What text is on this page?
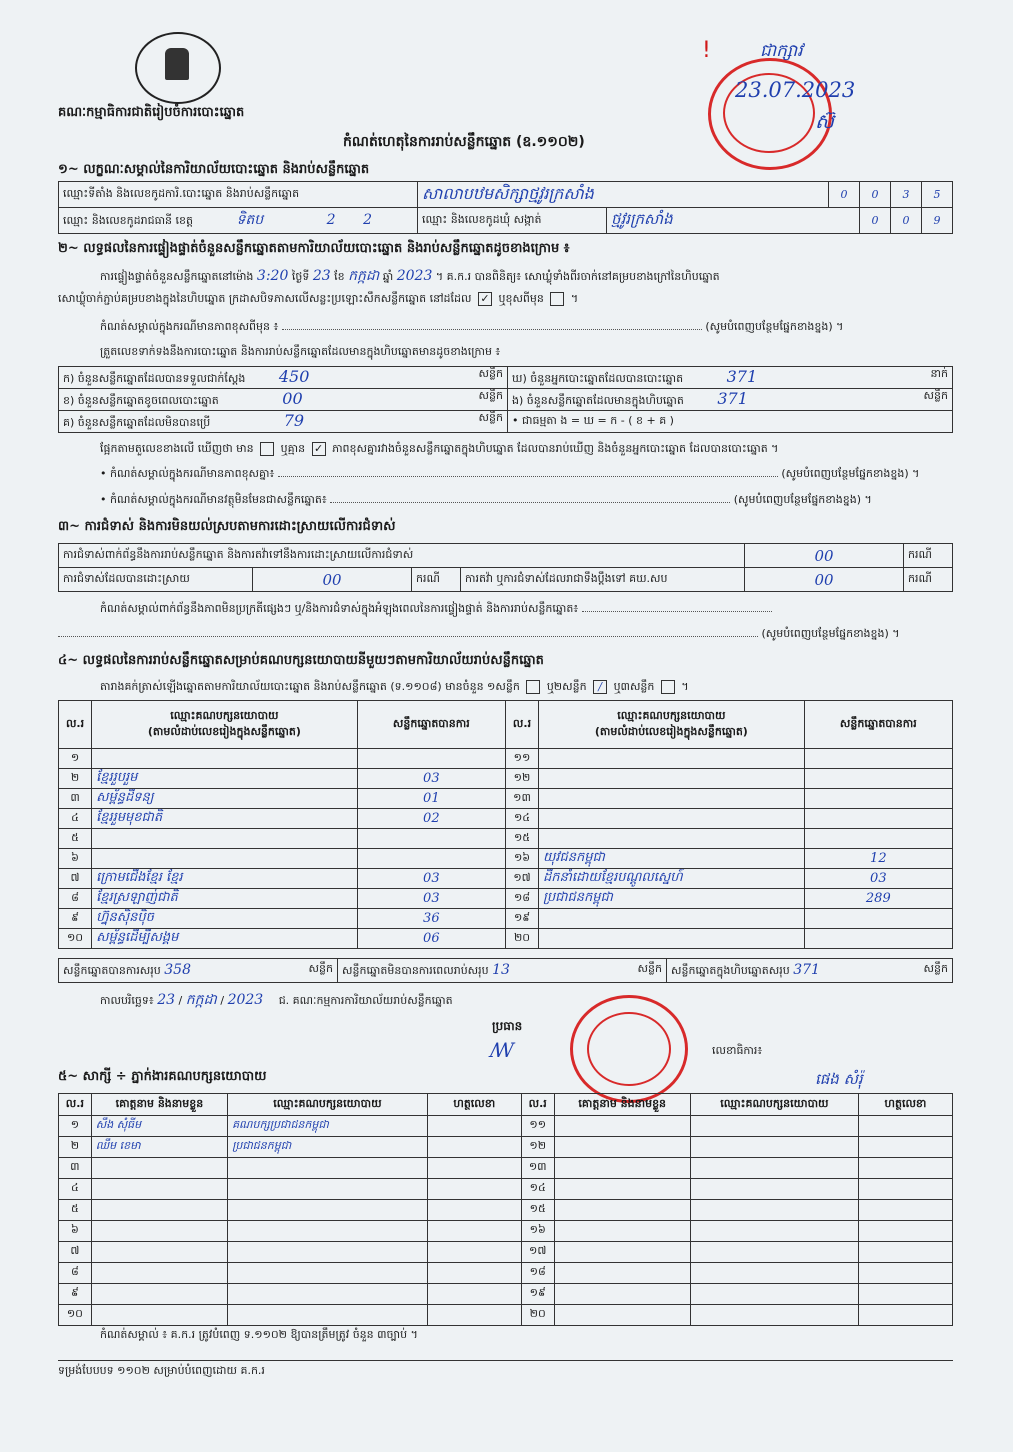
គណៈកម្មាធិការជាតិរៀបចំការបោះឆ្នោត
!	ជាក្សាវ
23.07.2023
ស៊
កំណត់ហេតុនៃការរាប់សន្លឹកឆ្នោត (ឧ.១១០២)
១~ លក្ខណៈសម្គាល់នៃការិយាល័យបោះឆ្នោត និងរាប់សន្លឹកឆ្នោត
ឈ្មោះទីតាំង និងលេខកូដការិ.បោះឆ្នោត និងរាប់សន្លឹកឆ្នោត	សាលាបឋមសិក្សាថ្មវូរក្រសាំង		0	0	3	5
ឈ្មោះ និងលេខកូដរាជធានី ខេត្ត ទិតប 2 2	ឈ្មោះ និងលេខកូដឃុំ សង្កាត់	ថ្មវូរក្រសាំង		0	0	9
២~ លទ្ធផលនៃការផ្ទៀងផ្ទាត់ចំនួនសន្លឹកឆ្នោតតាមការិយាល័យបោះឆ្នោត និងរាប់សន្លឹកឆ្នោតដូចខាងក្រោម ៖
ការផ្ទៀងផ្ទាត់ចំនួនសន្លឹកឆ្នោតនៅម៉ោង 3:20 ថ្ងៃទី 23 ខែ កក្កដា ឆ្នាំ 2023 ។ គ.ក.រ បានពិនិត្យ៖ សោឃ្លុំទាំងពីរចាក់នៅគម្របខាងក្រៅនៃហិបឆ្នោត
សោឃ្លុំចាក់ភ្ជាប់គម្របខាងក្នុងនៃហិបឆ្នោត ក្រដាសបិទភាសលើសន្លះប្រឡោះសឹកសន្លឹកឆ្នោត នៅដដែល ✓ ឬខុសពីមុន  ។
កំណត់សម្គាល់ក្នុងករណីមានភាពខុសពីមុន ៖	(សូមបំពេញបន្ថែមផ្នែកខាងខ្នង) ។
ត្រួតលេខទាក់ទងនឹងការបោះឆ្នោត និងការរាប់សន្លឹកឆ្នោតដែលមានក្នុងហិបឆ្នោតមានដូចខាងក្រោម ៖
ក) ចំនួនសន្លឹកឆ្នោតដែលបានទទួលជាក់ស្ដែង 450 សន្លឹក	ឃ) ចំនួនអ្នកបោះឆ្នោតដែលបានបោះឆ្នោត 371 នាក់

ខ) ចំនួនសន្លឹកឆ្នោតខូចពេលបោះឆ្នោត 00 សន្លឹក	ង) ចំនួនសន្លឹកឆ្នោតដែលមានក្នុងហិបឆ្នោត 371 សន្លឹក

គ) ចំនួនសន្លឹកឆ្នោតដែលមិនបានប្រើ 79 សន្លឹក	• ជាធម្មតា ង = ឃ = ក - ( ខ + គ )
ផ្អែកតាមតួលេខខាងលើ ឃើញថា មាន ឬគ្មាន ✓ ភាពខុសគ្នារវាងចំនួនសន្លឹកឆ្នោតក្នុងហិបឆ្នោត ដែលបានរាប់ឃើញ និងចំនួនអ្នកបោះឆ្នោត ដែលបានបោះឆ្នោត ។
• កំណត់សម្គាល់ក្នុងករណីមានភាពខុសគ្នា៖	(សូមបំពេញបន្ថែមផ្នែកខាងខ្នង) ។
• កំណត់សម្គាល់ក្នុងករណីមានវត្ថុមិនមែនជាសន្លឹកឆ្នោត៖	(សូមបំពេញបន្ថែមផ្នែកខាងខ្នង) ។
៣~ ការជំទាស់ និងការមិនយល់ស្របតាមការដោះស្រាយលើការជំទាស់
ការជំទាស់ពាក់ព័ន្ធនឹងការរាប់សន្លឹកឆ្នោត និងការតវ៉ាទៅនឹងការដោះស្រាយលើការជំទាស់				00	ករណី
ការជំទាស់ដែលបានដោះស្រាយ	00	ករណី	ការតវ៉ា ឬការជំទាស់ដែលរាជាទឹងប្ដឹងទៅ គឃ.សប	00	ករណី
កំណត់សម្គាល់ពាក់ព័ន្ធនឹងភាពមិនប្រក្រតីផ្សេងៗ ឬ/និងការជំទាស់ក្នុងអំឡុងពេលនៃការផ្ទៀងផ្ទាត់ និងការរាប់សន្លឹកឆ្នោត៖
(សូមបំពេញបន្ថែមផ្នែកខាងខ្នង) ។
៤~ លទ្ធផលនៃការរាប់សន្លឹកឆ្នោតសម្រាប់គណបក្សនយោបាយនីមួយៗតាមការិយាល័យរាប់សន្លឹកឆ្នោត
តារាងគក់ត្រាស់ឡើងឆ្នោតតាមការិយាល័យបោះឆ្នោត និងរាប់សន្លឹកឆ្នោត (ទ.១១០៨) មានចំនួន ១សន្លឹក ឬ២សន្លឹក / ឬ៣សន្លឹក  ។
ល.រ	ឈ្មោះគណបក្សនយោបាយ
(តាមលំដាប់លេខរៀងក្នុងសន្លឹកឆ្នោត)	សន្លឹកឆ្នោតបានការ	ល.រ	ឈ្មោះគណបក្សនយោបាយ
(តាមលំដាប់លេខរៀងក្នុងសន្លឹកឆ្នោត)	សន្លឹកឆ្នោតបានការ
១			១១		
២	ខ្មែររួបរួម	03	១២		
៣	សម្ព័ន្ធដីទន្យ	01	១៣		
៤	ខ្មែររួមមុខជាតិ	02	១៤		
៥			១៥		
៦			១៦	យុវជនកម្ពុជា	12
៧	ក្រោមជើងខ្មែរ ខ្មែរ	03	១៧	ដឹកនាំដោយខ្មែរបណ្ដូលស្នេហ៍	03
៨	ខ្មែរស្រឡាញ់ជាតិ	03	១៨	ប្រជាជនកម្ពុជា	289
៩	ហ្វ៊ុនស៊ិនប៉ិច	36	១៩		
១០	សម្ព័ន្ធដើម្បីសង្គម	06	២០		
សន្លឹកឆ្នោតបានការសរុប 358	សន្លឹក	សន្លឹកឆ្នោតមិនបានការពេលរាប់សរុប 13	សន្លឹក	សន្លឹកឆ្នោតក្នុងហិបឆ្នោតសរុប 371	សន្លឹក
កាលបរិច្ឆេទ៖ 23 / កក្កដា / 2023 ជ. គណៈកម្មការការិយាល័យរាប់សន្លឹកឆ្នោត
ប្រធាន
ꟿ	លេខាធិការ៖
ផេង សំរ៉ុ
៥~ សាក្សី ÷ ភ្នាក់ងារគណបក្សនយោបាយ
ល.រ	គោត្តនាម និងនាមខ្លួន	ឈ្មោះគណបក្សនយោបាយ	ហត្ថលេខា	ល.រ	គោត្តនាម និងនាមខ្លួន	ឈ្មោះគណបក្សនយោបាយ	ហត្ថលេខា
១	សឹង សុំធីម	គណបក្សប្រជាជនកម្ពុជា		១១			
២	ឈឹម ខេមា	ប្រជាជនកម្ពុជា		១២			
៣				១៣			
៤				១៤			
៥				១៥			
៦				១៦			
៧				១៧			
៨				១៨			
៩				១៩			
១០				២០			
កំណត់សម្គាល់ ៖ គ.ក.រ ត្រូវបំពេញ ទ.១១០២ ឱ្យបានត្រឹមត្រូវ ចំនួន ៣ច្បាប់ ។
ទម្រង់បែបបទ ១១០២ សម្រាប់បំពេញដោយ គ.ក.រ
